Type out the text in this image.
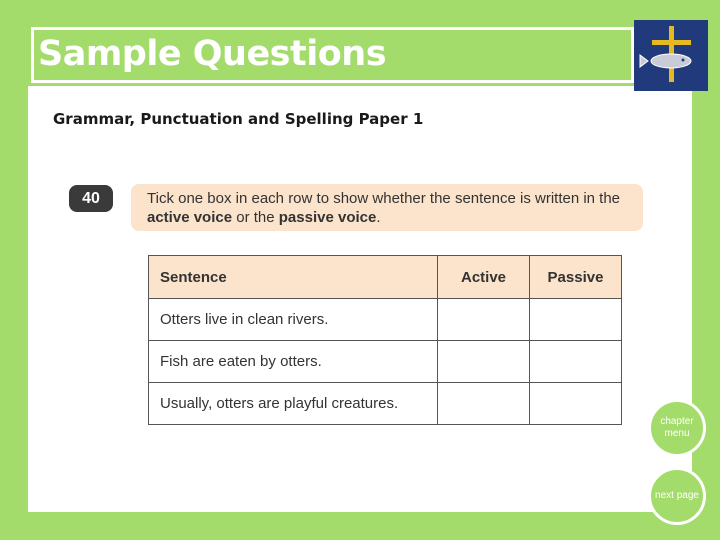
Sample Questions
Grammar, Punctuation and Spelling Paper 1
40	Tick one box in each row to show whether the sentence is written in the active voice or the passive voice.
Sentence	Active	Passive
Otters live in clean rivers.		
Fish are eaten by otters.		
Usually, otters are playful creatures.		
chapter menu
next page
